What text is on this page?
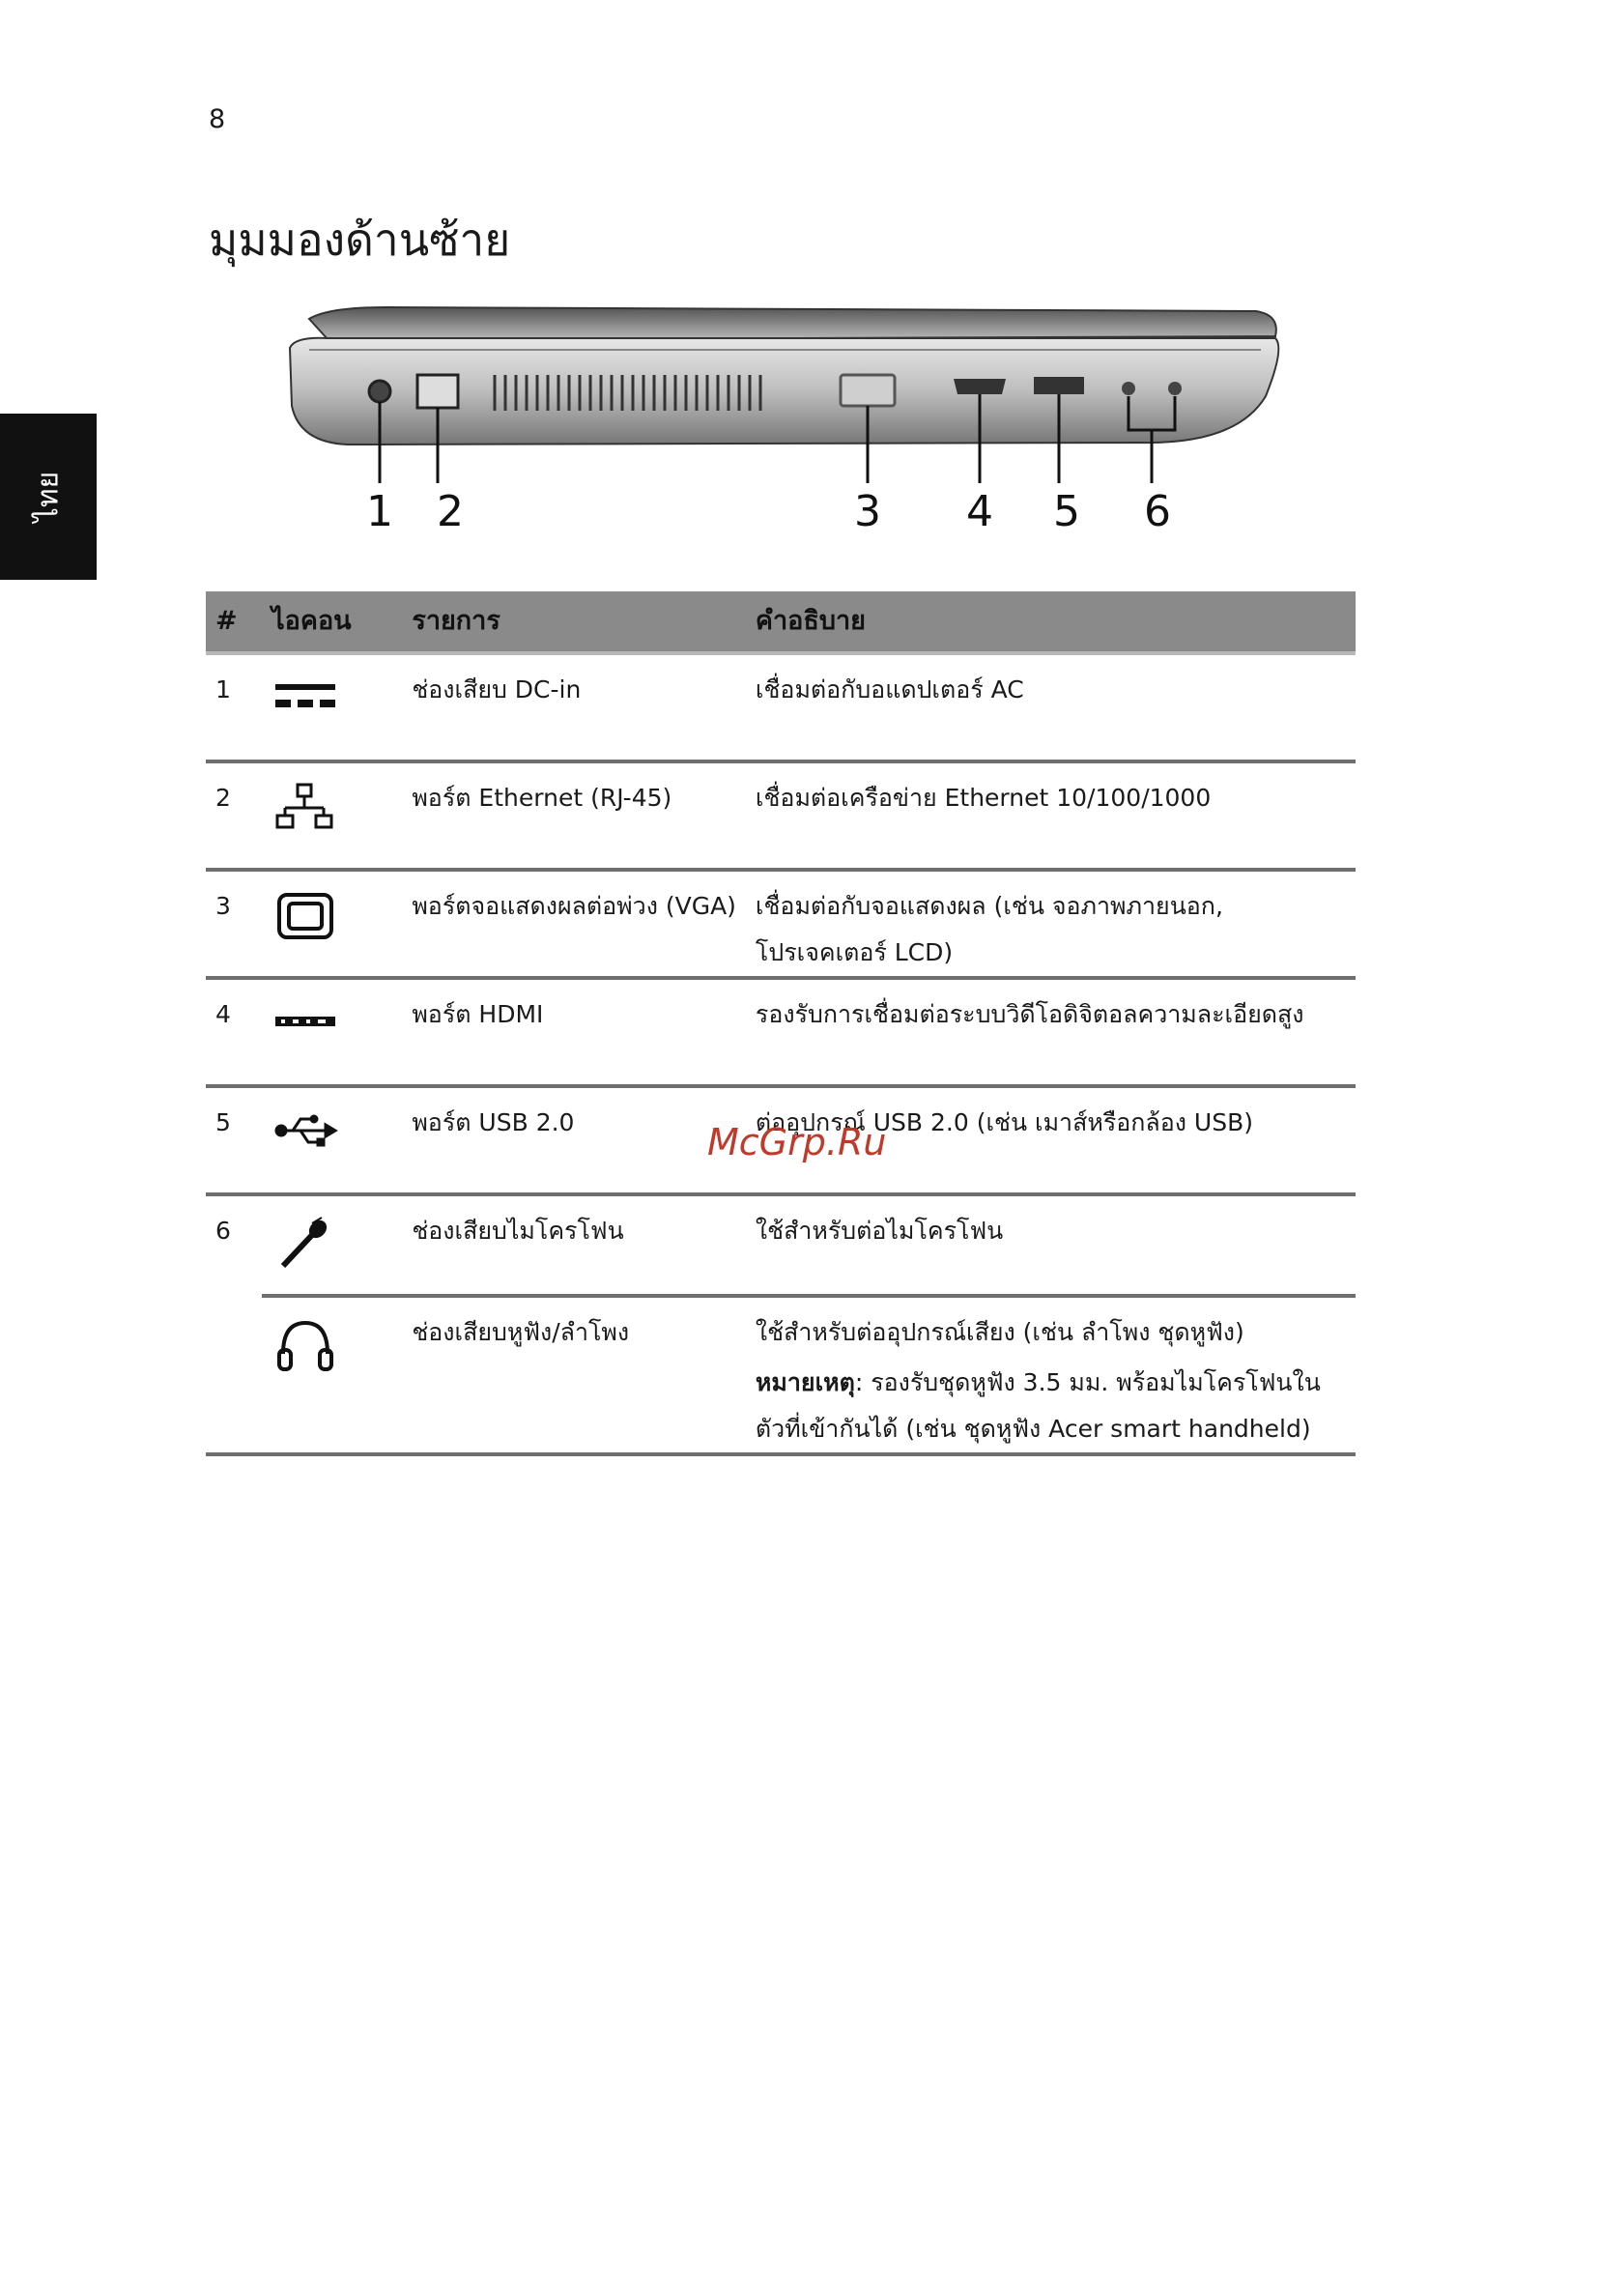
8
มุมมองด้านซ้าย
ไทย	1 2	3 4 5 6
#	ไอคอน	รายการ	คำอธิบาย
1		ช่องเสียบ DC-in	เชื่อมต่อกับอแดปเตอร์ AC
2		พอร์ต Ethernet (RJ-45)	เชื่อมต่อเครือข่าย Ethernet 10/100/1000
3		พอร์ตจอแสดงผลต่อพ่วง (VGA)	เชื่อมต่อกับจอแสดงผล (เช่น จอภาพภายนอก, โปรเจคเตอร์ LCD)
4		พอร์ต HDMI	รองรับการเชื่อมต่อระบบวิดีโอดิจิตอลความละเอียดสูง
5		พอร์ต USB 2.0	ต่ออุปกรณ์ USB 2.0 (เช่น เมาส์หรือกล้อง USB)
6		ช่องเสียบไมโครโฟน	ใช้สำหรับต่อไมโครโฟน

	ช่องเสียบหูฟัง/ลำโพง	ใช้สำหรับต่ออุปกรณ์เสียง (เช่น ลำโพง ชุดหูฟัง)
หมายเหตุ: รองรับชุดหูฟัง 3.5 มม. พร้อมไมโครโฟนในตัวที่เข้ากันได้ (เช่น ชุดหูฟัง Acer smart handheld)
McGrp.Ru
